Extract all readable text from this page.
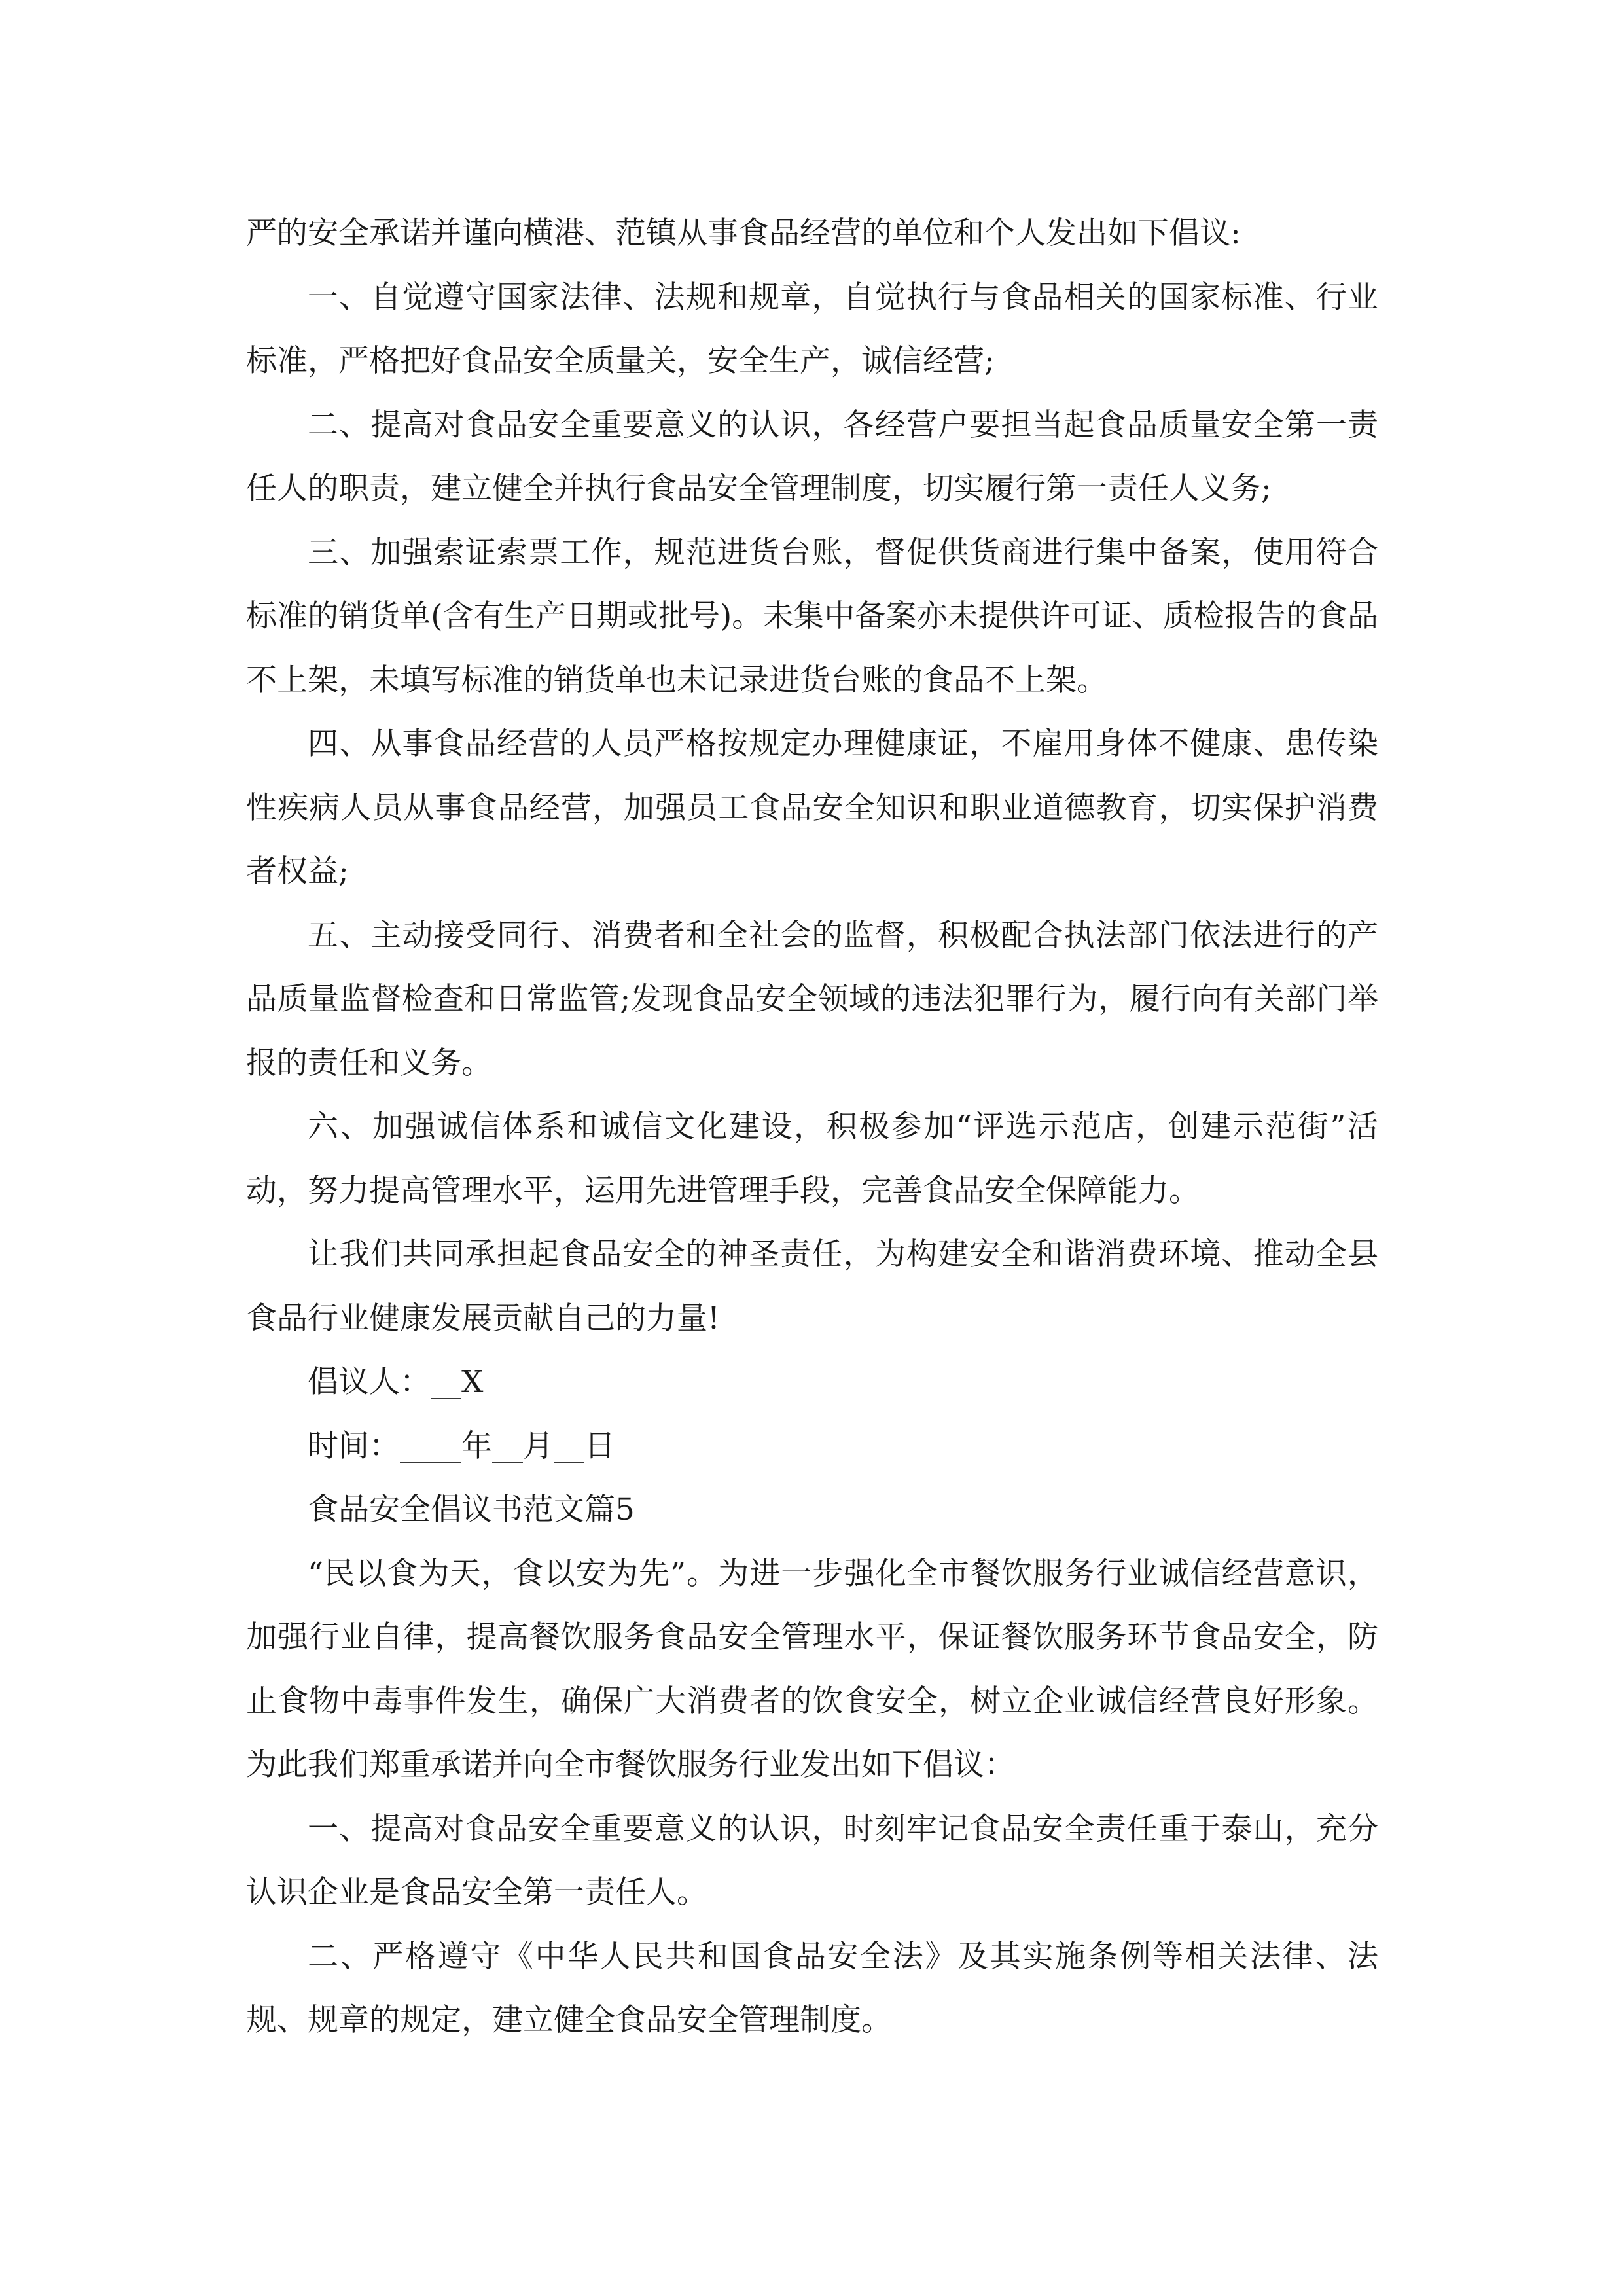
严的安全承诺并谨向横港、范镇从事食品经营的单位和个人发出如下倡议:

一、自觉遵守国家法律、法规和规章，自觉执行与食品相关的国家标准、行业标准，严格把好食品安全质量关，安全生产，诚信经营;

二、提高对食品安全重要意义的认识，各经营户要担当起食品质量安全第一责任人的职责，建立健全并执行食品安全管理制度，切实履行第一责任人义务;

三、加强索证索票工作，规范进货台账，督促供货商进行集中备案，使用符合标准的销货单(含有生产日期或批号)。未集中备案亦未提供许可证、质检报告的食品不上架，未填写标准的销货单也未记录进货台账的食品不上架。

四、从事食品经营的人员严格按规定办理健康证，不雇用身体不健康、患传染性疾病人员从事食品经营，加强员工食品安全知识和职业道德教育，切实保护消费者权益;

五、主动接受同行、消费者和全社会的监督，积极配合执法部门依法进行的产品质量监督检查和日常监管;发现食品安全领域的违法犯罪行为，履行向有关部门举报的责任和义务。

六、加强诚信体系和诚信文化建设，积极参加“评选示范店，创建示范街”活动，努力提高管理水平，运用先进管理手段，完善食品安全保障能力。

让我们共同承担起食品安全的神圣责任，为构建安全和谐消费环境、推动全县食品行业健康发展贡献自己的力量!

倡议人：__X

时间：____年__月__日

食品安全倡议书范文篇5

“民以食为天，食以安为先”。为进一步强化全市餐饮服务行业诚信经营意识，加强行业自律，提高餐饮服务食品安全管理水平，保证餐饮服务环节食品安全，防止食物中毒事件发生，确保广大消费者的饮食安全，树立企业诚信经营良好形象。为此我们郑重承诺并向全市餐饮服务行业发出如下倡议：

一、提高对食品安全重要意义的认识，时刻牢记食品安全责任重于泰山，充分认识企业是食品安全第一责任人。

二、严格遵守《中华人民共和国食品安全法》及其实施条例等相关法律、法规、规章的规定，建立健全食品安全管理制度。
